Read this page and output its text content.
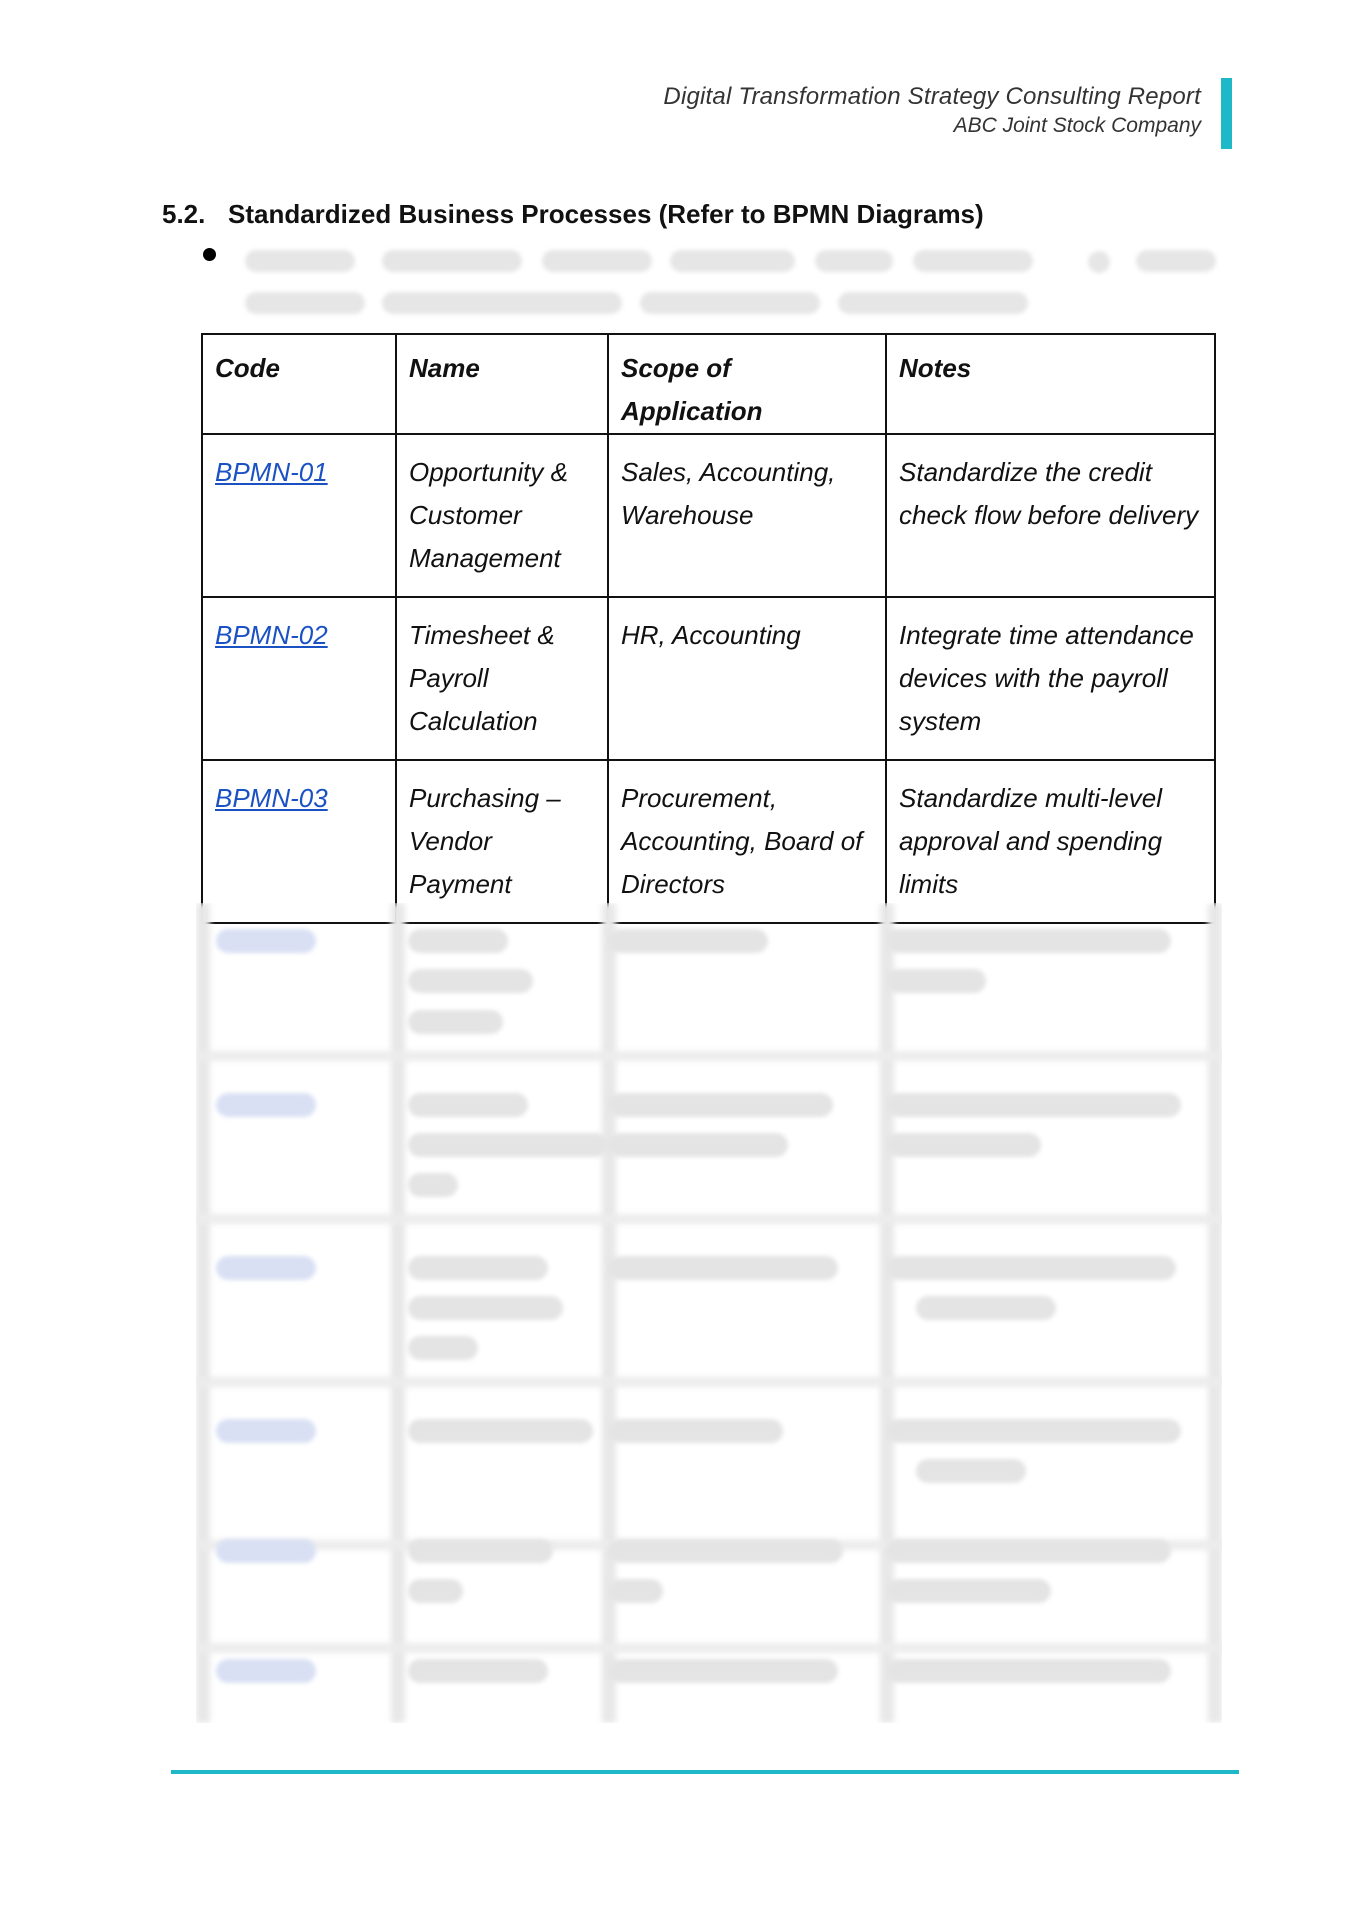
Digital Transformation Strategy Consulting Report
ABC Joint Stock Company
5.2. Standardized Business Processes (Refer to BPMN Diagrams)
Code	Name	Scope of Application	Notes
BPMN-01	Opportunity & Customer Management	Sales, Accounting, Warehouse	Standardize the credit check flow before delivery
BPMN-02	Timesheet & Payroll Calculation	HR, Accounting	Integrate time attendance devices with the payroll system
BPMN-03	Purchasing – Vendor Payment	Procurement, Accounting, Board of Directors	Standardize multi-level approval and spending limits
